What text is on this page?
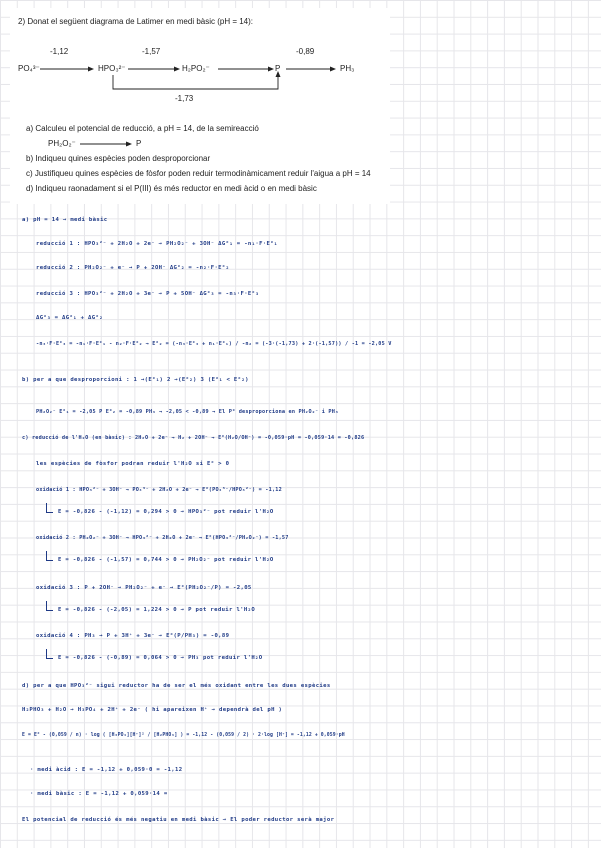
2) Donat el següent diagrama de Latimer en medi bàsic (pH = 14):
PO₄³⁻	HPO₃²⁻	H₂PO₂⁻	P	PH₃
-1,12	-1,57	-0,89
-1,73
a) Calculeu el potencial de reducció, a pH = 14, de la semireacció
PH₂O₂⁻	P
b) Indiqueu quines espècies poden desproporcionar
c) Justifiqueu quines espècies de fòsfor poden reduir termodinàmicament reduir l'aigua a pH = 14
d) Indiqueu raonadament si el P(III) és més reductor en medi àcid o en medi bàsic
a) pH = 14 → medi bàsic
reducció 1 : HPO₃²⁻ + 2H₂O + 2e⁻ → PH₂O₂⁻ + 3OH⁻ ΔG°₁ = -n₁·F·E°₁
reducció 2 : PH₂O₂⁻ + e⁻ → P + 2OH⁻ ΔG°₂ = -n₂·F·E°₂
reducció 3 : HPO₃²⁻ + 2H₂O + 3e⁻ → P + 5OH⁻ ΔG°₃ = -n₃·F·E°₃
ΔG°₃ = ΔG°₁ + ΔG°₂
-n₃·F·E°₃ = -n₁·F·E°₁ - n₂·F·E°₂ → E°₂ = (-n₃·E°₃ + n₁·E°₁) / -n₂ = (-3·(-1,73) + 2·(-1,57)) / -1 = -2,05 V
b) per a que desproporcioni : 1 →(E°₁) 2 →(E°₂) 3 (E°₁ < E°₂)
PH₂O₂⁻ E°₁ = -2,05 P E°₂ = -0,89 PH₃ → -2,05 < -0,89 → El P° desproporciona en PH₂O₂⁻ i PH₃
c) reducció de l'H₂O (en bàsic) : 2H₂O + 2e⁻ → H₂ + 2OH⁻ → E°(H₂O/OH⁻) = -0,059·pH = -0,059·14 = -0,826
les espècies de fòsfor podran reduir l'H₂O si E° > 0
oxidació 1 : HPO₃²⁻ + 3OH⁻ → PO₄³⁻ + 2H₂O + 2e⁻ → E°(PO₄³⁻/HPO₃²⁻) = -1,12
E = -0,826 - (-1,12) = 0,294 > 0 → HPO₃²⁻ pot reduir l'H₂O
oxidació 2 : PH₂O₂⁻ + 3OH⁻ → HPO₃²⁻ + 2H₂O + 2e⁻ → E°(HPO₃²⁻/PH₂O₂⁻) = -1,57
E = -0,826 - (-1,57) = 0,744 > 0 → PH₂O₂⁻ pot reduir l'H₂O
oxidació 3 : P + 2OH⁻ → PH₂O₂⁻ + e⁻ → E°(PH₂O₂⁻/P) = -2,05
E = -0,826 - (-2,05) = 1,224 > 0 → P pot reduir l'H₂O
oxidació 4 : PH₃ → P + 3H⁺ + 3e⁻ → E°(P/PH₃) = -0,89
E = -0,826 - (-0,89) = 0,064 > 0 → PH₃ pot reduir l'H₂O
d) per a que HPO₃²⁻ sigui reductor ha de ser el més oxidant entre les dues espècies
H₂PHO₃ + H₂O → H₃PO₄ + 2H⁺ + 2e⁻ ( hi apareixen H⁺ → dependrà del pH )
E = E° - (0,059 / n) · log ( [H₃PO₄][H⁺]² / [H₂PHO₃] ) = -1,12 - (0,059 / 2) · 2·log [H⁺] = -1,12 + 0,059·pH
· medi àcid : E = -1,12 + 0,059·0 = -1,12
· medi bàsic : E = -1,12 + 0,059·14 =
El potencial de reducció és més negatiu en medi bàsic → El poder reductor serà major
